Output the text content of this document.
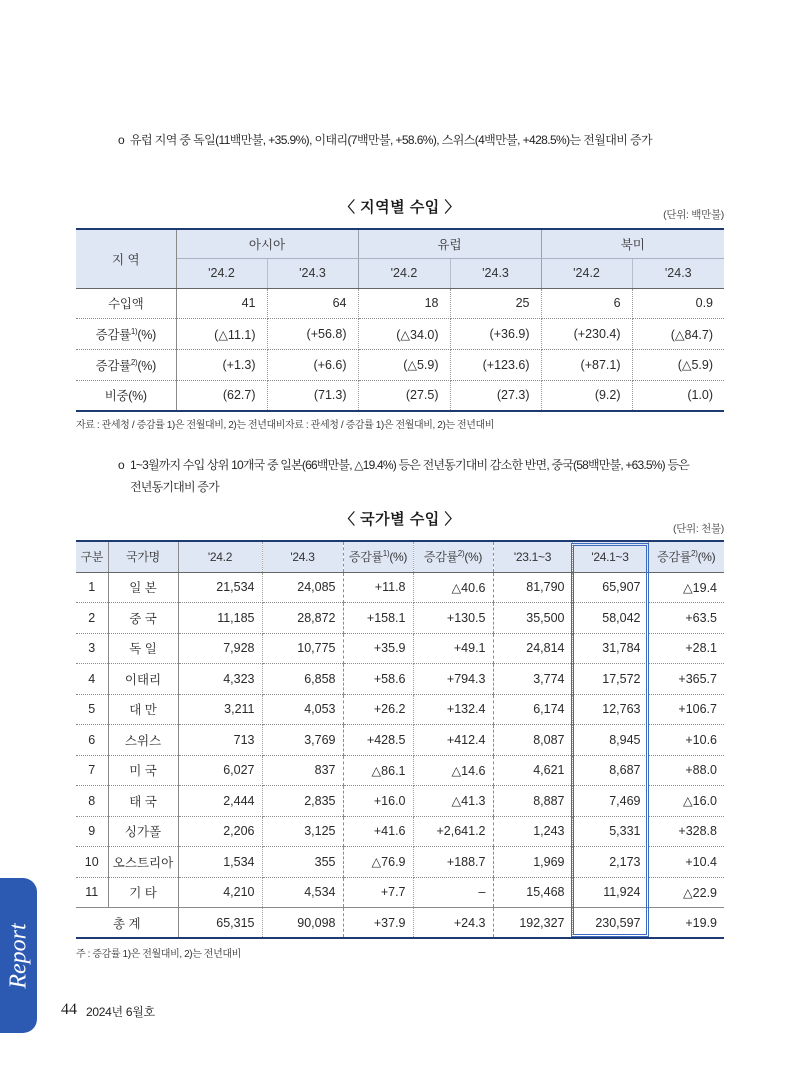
o 유럽 지역 중 독일(11백만불, +35.9%), 이태리(7백만불, +58.6%), 스위스(4백만불, +428.5%)는 전월대비 증가
〈 지역별 수입 〉	(단위: 백만불)
지 역	아시아		유럽		북미	
	'24.2	'24.3	'24.2	'24.3	'24.2	'24.3
수입액	41	64	18	25	6	0.9
증감률$^{1)}$(%)	(△11.1)	(+56.8)	(△34.0)	(+36.9)	(+230.4)	(△84.7)
증감률$^{2)}$(%)	(+1.3)	(+6.6)	(△5.9)	(+123.6)	(+87.1)	(△5.9)
비중(%)	(62.7)	(71.3)	(27.5)	(27.3)	(9.2)	(1.0)
자료 : 관세청 / 증감률 1)은 전월대비, 2)는 전년대비자료 : 관세청 / 증감률 1)은 전월대비, 2)는 전년대비
o 1~3월까지 수입 상위 10개국 중 일본(66백만불, △19.4%) 등은 전년동기대비 감소한 반면, 중국(58백만불, +63.5%) 등은
전년동기대비 증가
〈 국가별 수입 〉
(단위: 천불)
구분	국가명	'24.2	'24.3	증감률$^{1)}$(%)	증감률$^{2)}$(%)	'23.1~3	'24.1~3	증감률$^{2)}$(%)
1	일 본	21,534	24,085	+11.8	△40.6	81,790	65,907	△19.4
2	중 국	11,185	28,872	+158.1	+130.5	35,500	58,042	+63.5
3	독 일	7,928	10,775	+35.9	+49.1	24,814	31,784	+28.1
4	이태리	4,323	6,858	+58.6	+794.3	3,774	17,572	+365.7
5	대 만	3,211	4,053	+26.2	+132.4	6,174	12,763	+106.7
6	스위스	713	3,769	+428.5	+412.4	8,087	8,945	+10.6
7	미 국	6,027	837	△86.1	△14.6	4,621	8,687	+88.0
8	태 국	2,444	2,835	+16.0	△41.3	8,887	7,469	△16.0
9	싱가폴	2,206	3,125	+41.6	+2,641.2	1,243	5,331	+328.8
10	오스트리아	1,534	355	△76.9	+188.7	1,969	2,173	+10.4
11	기 타	4,210	4,534	+7.7	–	15,468	11,924	△22.9
총 계		65,315	90,098	+37.9	+24.3	192,327	230,597	+19.9
주 : 증감률 1)은 전월대비, 2)는 전년대비
Report
44 2024년 6월호
